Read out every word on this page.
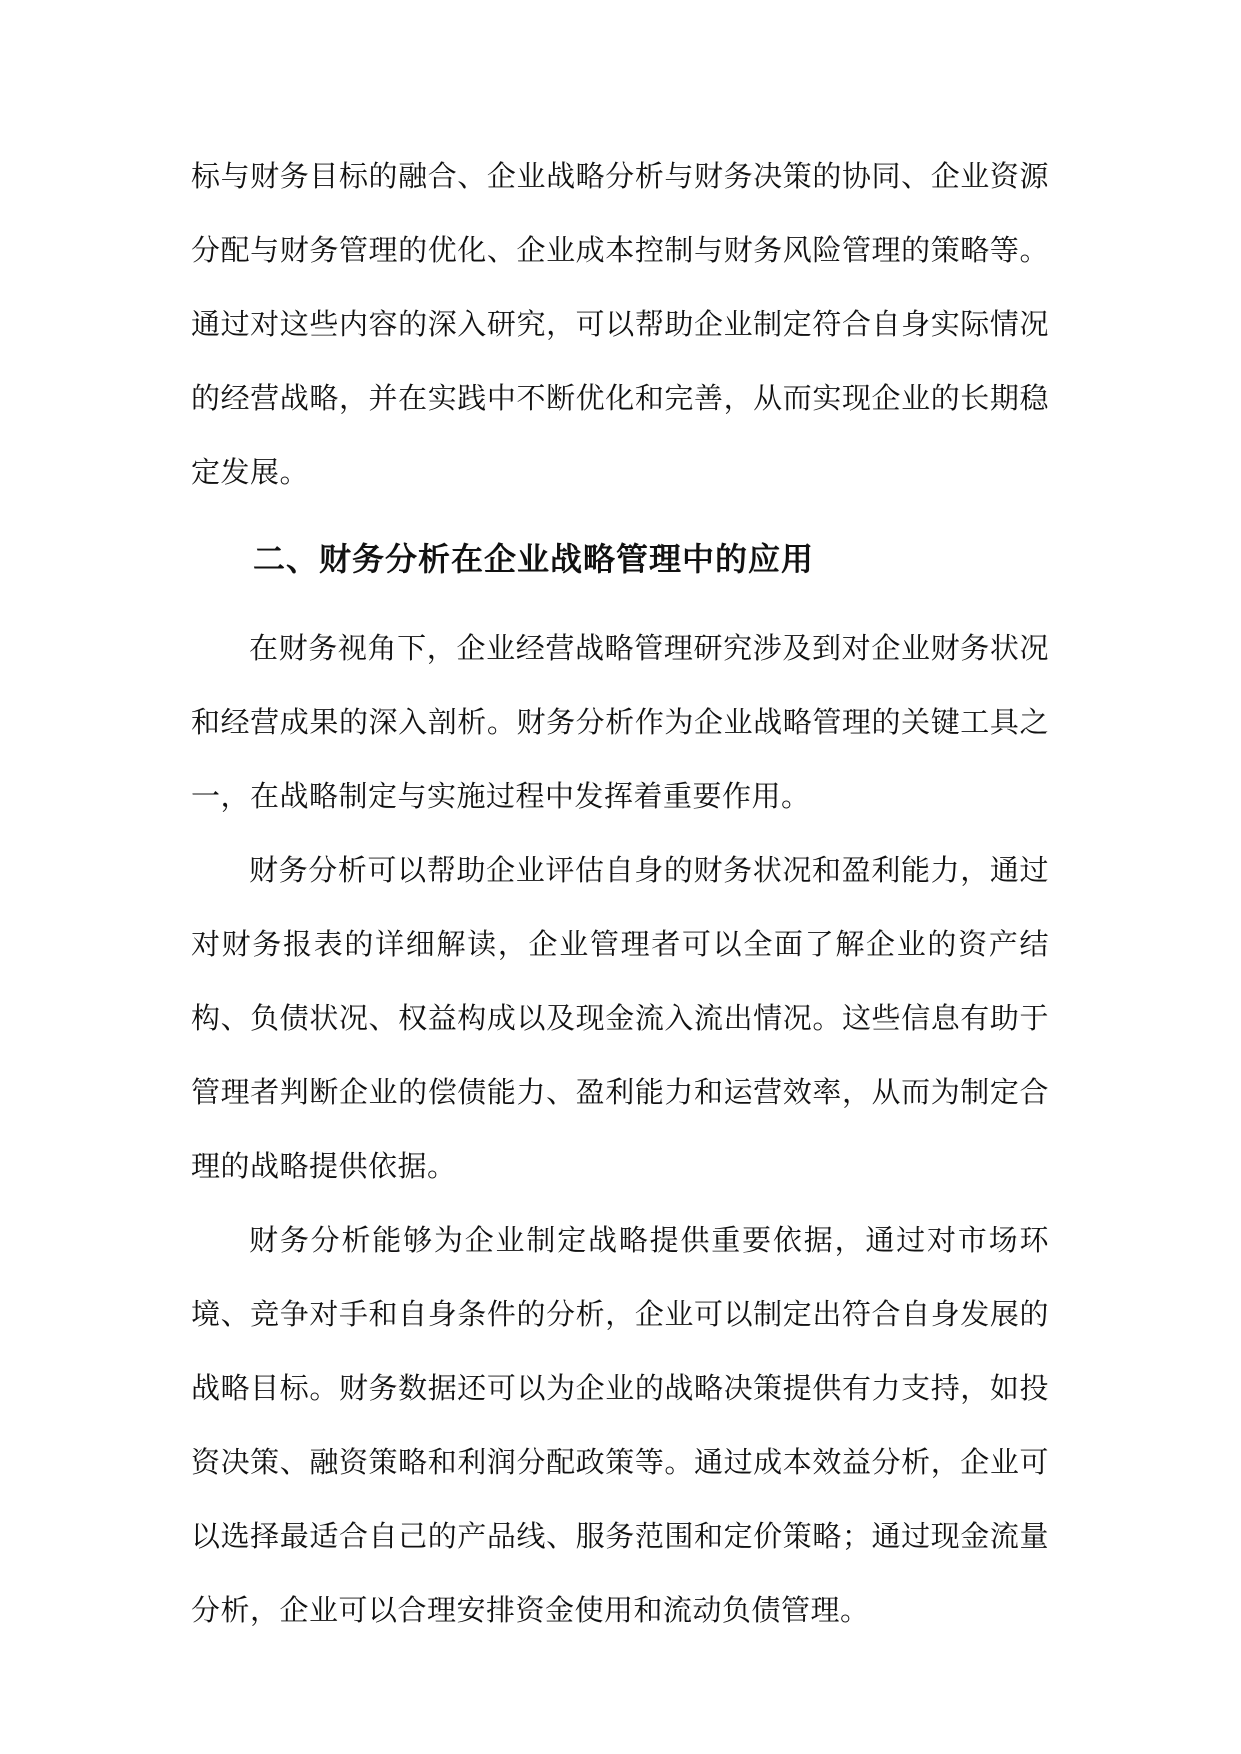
标与财务目标的融合、企业战略分析与财务决策的协同、企业资源分配与财务管理的优化、企业成本控制与财务风险管理的策略等。通过对这些内容的深入研究，可以帮助企业制定符合自身实际情况的经营战略，并在实践中不断优化和完善，从而实现企业的长期稳定发展。

二、财务分析在企业战略管理中的应用

在财务视角下，企业经营战略管理研究涉及到对企业财务状况和经营成果的深入剖析。财务分析作为企业战略管理的关键工具之一，在战略制定与实施过程中发挥着重要作用。

财务分析可以帮助企业评估自身的财务状况和盈利能力，通过对财务报表的详细解读，企业管理者可以全面了解企业的资产结构、负债状况、权益构成以及现金流入流出情况。这些信息有助于管理者判断企业的偿债能力、盈利能力和运营效率，从而为制定合理的战略提供依据。

财务分析能够为企业制定战略提供重要依据，通过对市场环境、竞争对手和自身条件的分析，企业可以制定出符合自身发展的战略目标。财务数据还可以为企业的战略决策提供有力支持，如投资决策、融资策略和利润分配政策等。通过成本效益分析，企业可以选择最适合自己的产品线、服务范围和定价策略；通过现金流量分析，企业可以合理安排资金使用和流动负债管理。
